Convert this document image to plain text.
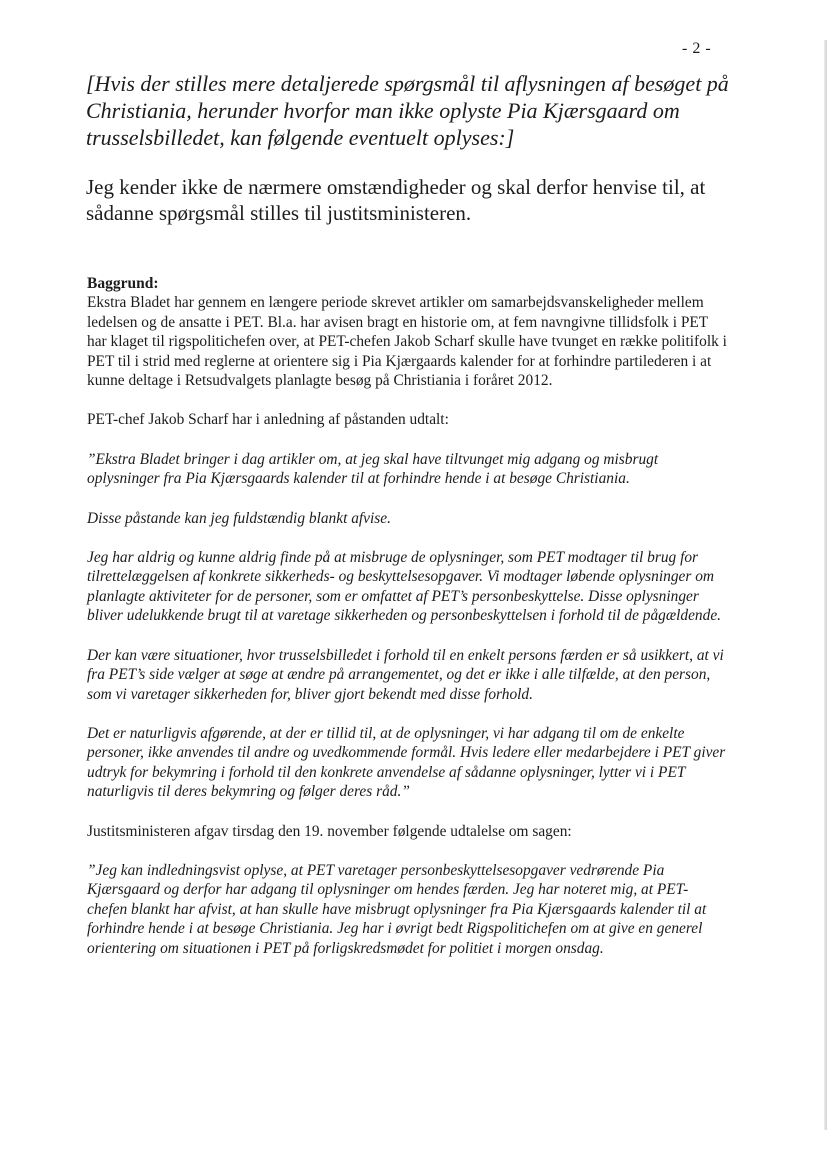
- 2 -

[Hvis der stilles mere detaljerede spørgsmål til aflysningen af besøget på Christiania, herunder hvorfor man ikke oplyste Pia Kjærsgaard om trusselsbilledet, kan følgende eventuelt oplyses:]

Jeg kender ikke de nærmere omstændigheder og skal derfor henvise til, at sådanne spørgsmål stilles til justitsministeren.

Baggrund:

Ekstra Bladet har gennem en længere periode skrevet artikler om samarbejdsvanskeligheder mellem ledelsen og de ansatte i PET. Bl.a. har avisen bragt en historie om, at fem navngivne tillidsfolk i PET har klaget til rigspolitichefen over, at PET-chefen Jakob Scharf skulle have tvunget en række politifolk i PET til i strid med reglerne at orientere sig i Pia Kjærgaards kalender for at forhindre partilederen i at kunne deltage i Retsudvalgets planlagte besøg på Christiania i foråret 2012.

PET-chef Jakob Scharf har i anledning af påstanden udtalt:

”Ekstra Bladet bringer i dag artikler om, at jeg skal have tiltvunget mig adgang og misbrugt oplysninger fra Pia Kjærsgaards kalender til at forhindre hende i at besøge Christiania.

Disse påstande kan jeg fuldstændig blankt afvise.

Jeg har aldrig og kunne aldrig finde på at misbruge de oplysninger, som PET modtager til brug for tilrettelæggelsen af konkrete sikkerheds- og beskyttelsesopgaver. Vi modtager løbende oplysninger om planlagte aktiviteter for de personer, som er omfattet af PET’s personbeskyttelse. Disse oplysninger bliver udelukkende brugt til at varetage sikkerheden og personbeskyttelsen i forhold til de pågældende.

Der kan være situationer, hvor trusselsbilledet i forhold til en enkelt persons færden er så usikkert, at vi fra PET’s side vælger at søge at ændre på arrangementet, og det er ikke i alle tilfælde, at den person, som vi varetager sikkerheden for, bliver gjort bekendt med disse forhold.

Det er naturligvis afgørende, at der er tillid til, at de oplysninger, vi har adgang til om de enkelte personer, ikke anvendes til andre og uvedkommende formål. Hvis ledere eller medarbejdere i PET giver udtryk for bekymring i forhold til den konkrete anvendelse af sådanne oplysninger, lytter vi i PET naturligvis til deres bekymring og følger deres råd.”

Justitsministeren afgav tirsdag den 19. november følgende udtalelse om sagen:

”Jeg kan indledningsvist oplyse, at PET varetager personbeskyttelsesopgaver vedrørende Pia Kjærsgaard og derfor har adgang til oplysninger om hendes færden. Jeg har noteret mig, at PET-chefen blankt har afvist, at han skulle have misbrugt oplysninger fra Pia Kjærsgaards kalender til at forhindre hende i at besøge Christiania. Jeg har i øvrigt bedt Rigspolitichefen om at give en generel orientering om situationen i PET på forligskredsmødet for politiet i morgen onsdag.
